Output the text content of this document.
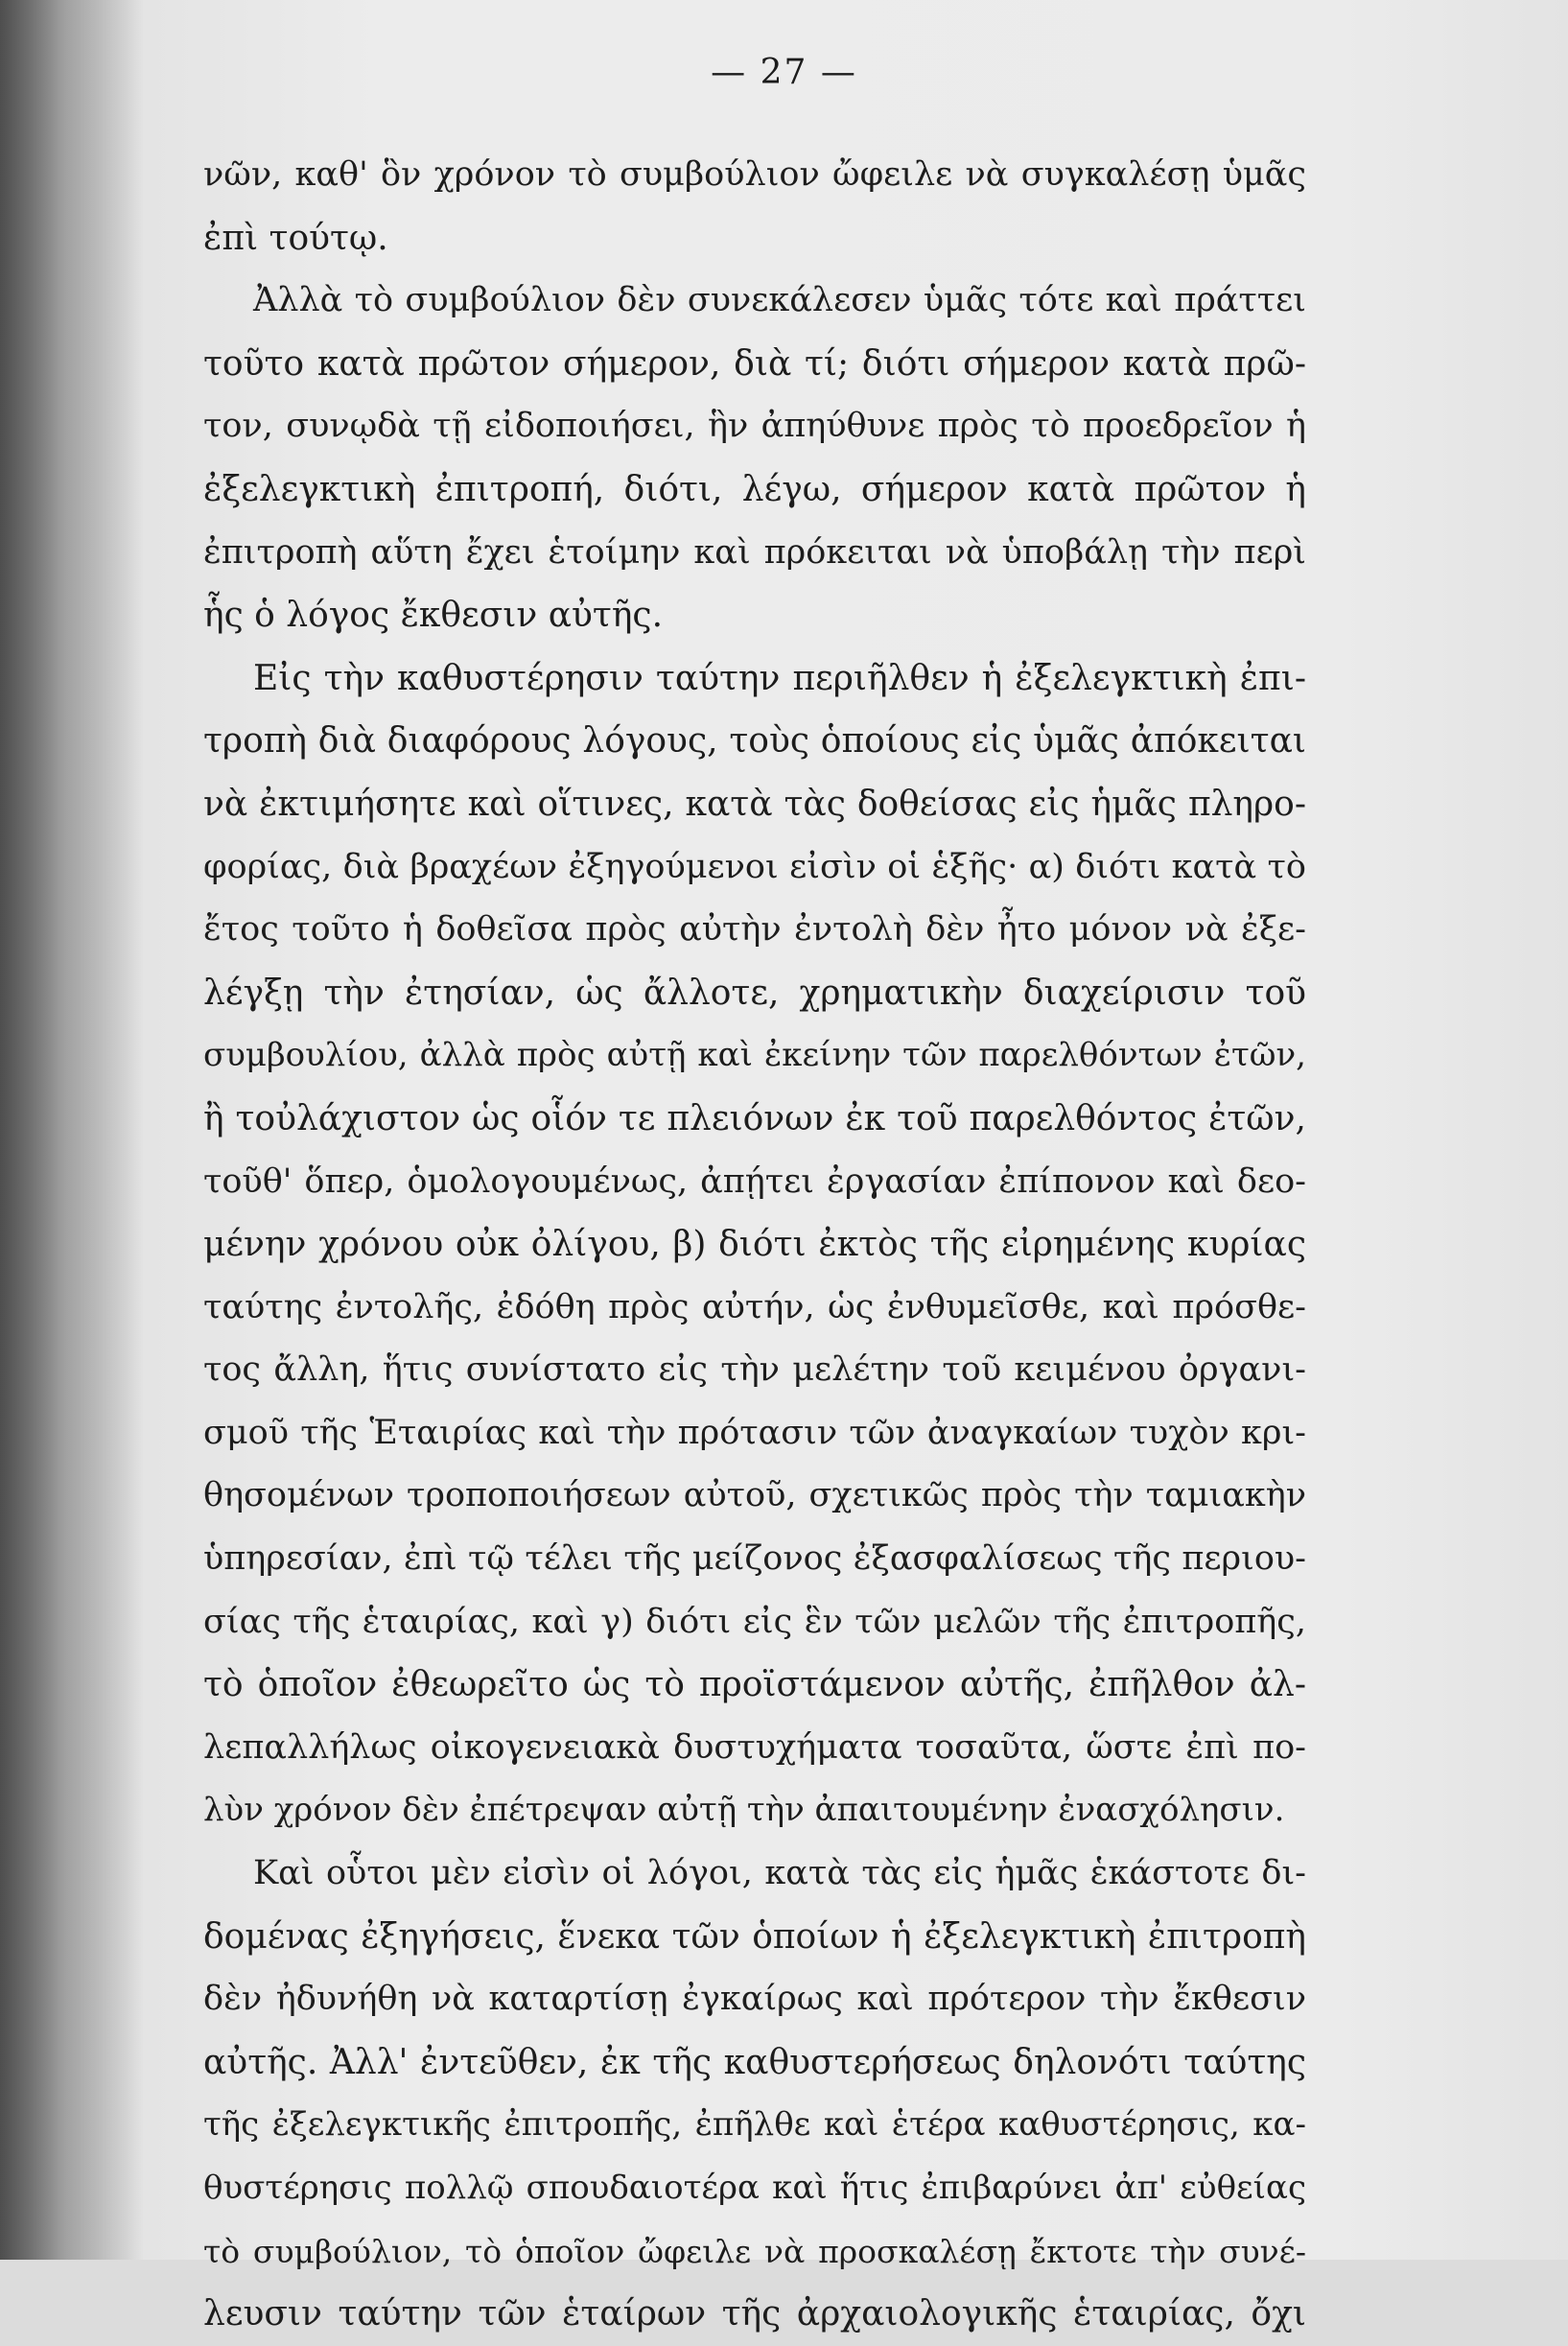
— 27 —
νῶν, καθ' ὃν χρόνον τὸ συμβούλιον ὤφειλε νὰ συγκαλέσῃ ὑμᾶς
ἐπὶ τούτῳ.
Ἀλλὰ τὸ συμβούλιον δὲν συνεκάλεσεν ὑμᾶς τότε καὶ πράττει
τοῦτο κατὰ πρῶτον σήμερον, διὰ τί; διότι σήμερον κατὰ πρῶ-
τον, συνῳδὰ τῇ εἰδοποιήσει, ἣν ἀπηύθυνε πρὸς τὸ προεδρεῖον ἡ
ἐξελεγκτικὴ ἐπιτροπή, διότι, λέγω, σήμερον κατὰ πρῶτον ἡ
ἐπιτροπὴ αὕτη ἔχει ἑτοίμην καὶ πρόκειται νὰ ὑποβάλῃ τὴν περὶ
ἧς ὁ λόγος ἔκθεσιν αὐτῆς.
Εἰς τὴν καθυστέρησιν ταύτην περιῆλθεν ἡ ἐξελεγκτικὴ ἐπι-
τροπὴ διὰ διαφόρους λόγους, τοὺς ὁποίους εἰς ὑμᾶς ἀπόκειται
νὰ ἐκτιμήσητε καὶ οἵτινες, κατὰ τὰς δοθείσας εἰς ἡμᾶς πληρο-
φορίας, διὰ βραχέων ἐξηγούμενοι εἰσὶν οἱ ἑξῆς· α) διότι κατὰ τὸ
ἔτος τοῦτο ἡ δοθεῖσα πρὸς αὐτὴν ἐντολὴ δὲν ἦτο μόνον νὰ ἐξε-
λέγξῃ τὴν ἐτησίαν, ὡς ἄλλοτε, χρηματικὴν διαχείρισιν τοῦ
συμβουλίου, ἀλλὰ πρὸς αὐτῇ καὶ ἐκείνην τῶν παρελθόντων ἐτῶν,
ἢ τοὐλάχιστον ὡς οἷόν τε πλειόνων ἐκ τοῦ παρελθόντος ἐτῶν,
τοῦθ' ὅπερ, ὁμολογουμένως, ἀπῄτει ἐργασίαν ἐπίπονον καὶ δεο-
μένην χρόνου οὐκ ὀλίγου, β) διότι ἐκτὸς τῆς εἰρημένης κυρίας
ταύτης ἐντολῆς, ἐδόθη πρὸς αὐτήν, ὡς ἐνθυμεῖσθε, καὶ πρόσθε-
τος ἄλλη, ἥτις συνίστατο εἰς τὴν μελέτην τοῦ κειμένου ὀργανι-
σμοῦ τῆς Ἑταιρίας καὶ τὴν πρότασιν τῶν ἀναγκαίων τυχὸν κρι-
θησομένων τροποποιήσεων αὐτοῦ, σχετικῶς πρὸς τὴν ταμιακὴν
ὑπηρεσίαν, ἐπὶ τῷ τέλει τῆς μείζονος ἐξασφαλίσεως τῆς περιου-
σίας τῆς ἑταιρίας, καὶ γ) διότι εἰς ἓν τῶν μελῶν τῆς ἐπιτροπῆς,
τὸ ὁποῖον ἐθεωρεῖτο ὡς τὸ προϊστάμενον αὐτῆς, ἐπῆλθον ἀλ-
λεπαλλήλως οἰκογενειακὰ δυστυχήματα τοσαῦτα, ὥστε ἐπὶ πο-
λὺν χρόνον δὲν ἐπέτρεψαν αὐτῇ τὴν ἀπαιτουμένην ἐνασχόλησιν.
Καὶ οὗτοι μὲν εἰσὶν οἱ λόγοι, κατὰ τὰς εἰς ἡμᾶς ἑκάστοτε δι-
δομένας ἐξηγήσεις, ἕνεκα τῶν ὁποίων ἡ ἐξελεγκτικὴ ἐπιτροπὴ
δὲν ἠδυνήθη νὰ καταρτίσῃ ἐγκαίρως καὶ πρότερον τὴν ἔκθεσιν
αὐτῆς. Ἀλλ' ἐντεῦθεν, ἐκ τῆς καθυστερήσεως δηλονότι ταύτης
τῆς ἐξελεγκτικῆς ἐπιτροπῆς, ἐπῆλθε καὶ ἑτέρα καθυστέρησις, κα-
θυστέρησις πολλῷ σπουδαιοτέρα καὶ ἥτις ἐπιβαρύνει ἀπ' εὐθείας
τὸ συμβούλιον, τὸ ὁποῖον ὤφειλε νὰ προσκαλέσῃ ἔκτοτε τὴν συνέ-
λευσιν ταύτην τῶν ἑταίρων τῆς ἀρχαιολογικῆς ἑταιρίας, ὄχι
